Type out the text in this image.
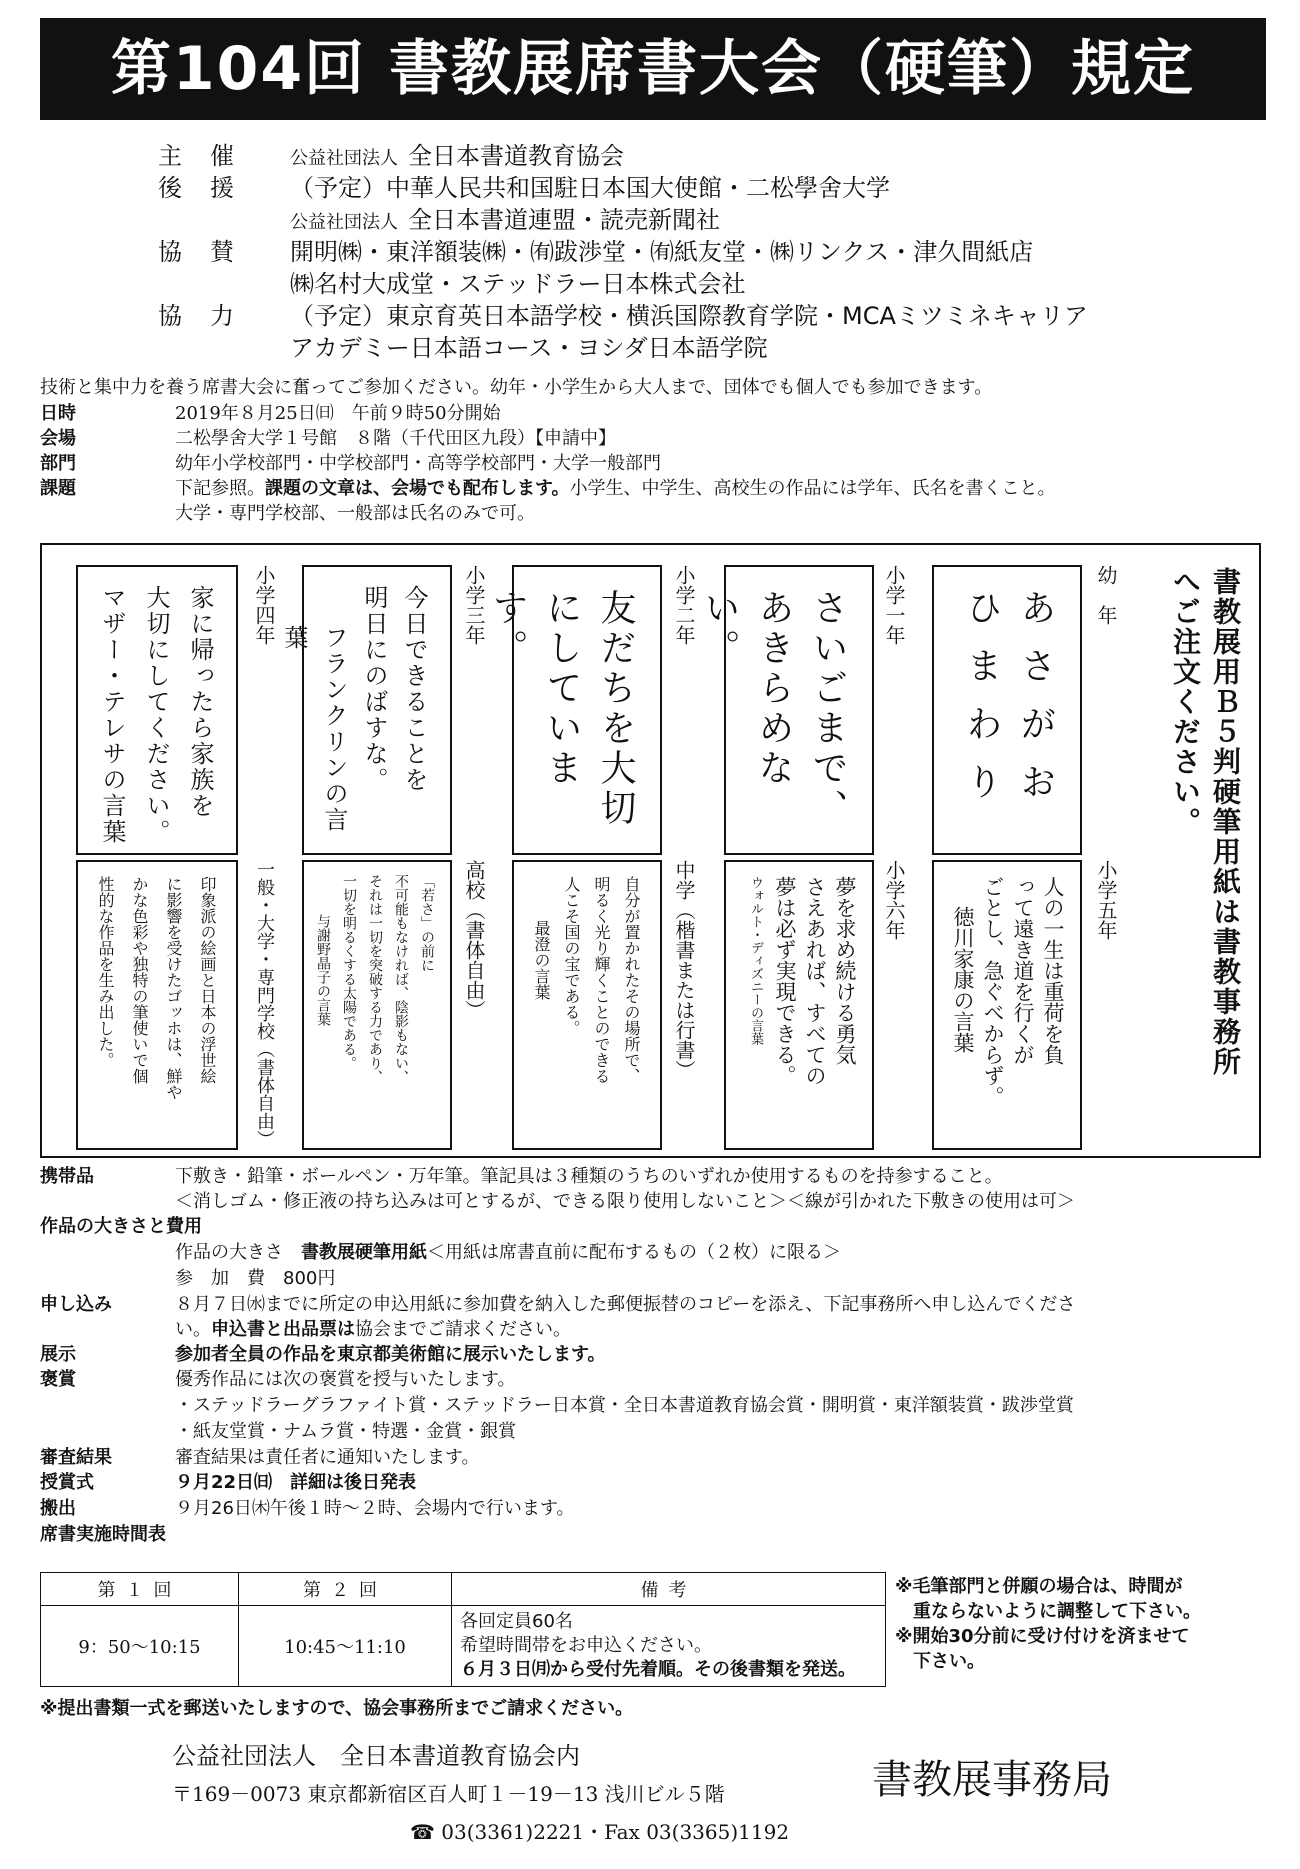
第104回 書教展席書大会（硬筆）規定
主催	公益社団法人 全日本書道教育協会
後援	（予定）中華人民共和国駐日本国大使館・二松學舍大学
公益社団法人 全日本書道連盟・読売新聞社
協賛	開明㈱・東洋額装㈱・㈲跋渉堂・㈲紙友堂・㈱リンクス・津久間紙店
㈱名村大成堂・ステッドラー日本株式会社
協力	（予定）東京育英日本語学校・横浜国際教育学院・MCAミツミネキャリア
アカデミー日本語コース・ヨシダ日本語学院
技術と集中力を養う席書大会に奮ってご参加ください。幼年・小学生から大人まで、団体でも個人でも参加できます。
日時	2019年８月25日㈰　午前９時50分開始
会場	二松學舍大学１号館　８階（千代田区九段）【申請中】
部門	幼年小学校部門・中学校部門・高等学校部門・大学一般部門
課題	下記参照。課題の文章は、会場でも配布します。小学生、中学生、高校生の作品には学年、氏名を書くこと。
大学・専門学校部、一般部は氏名のみで可。
書教展用Ｂ５判硬筆用紙は書教事務所
へご注文ください。
幼　年
あさがお
ひまわり
小学一年
さいごまで、
あきらめない。
小学二年
友だちを大切
にしています。
小学三年
今日できることを
明日にのばすな。
フランクリンの言葉
小学四年
家に帰ったら家族を
大切にしてください。
マザー・テレサの言葉
小学五年
人の一生は重荷を負
って遠き道を行くが
ごとし、急ぐべからず。
徳川家康の言葉
小学六年
夢を求め続ける勇気
さえあれば、すべての
夢は必ず実現できる。
ウォルト・ディズニーの言葉
中学（楷書または行書）
自分が置かれたその場所で、
明るく光り輝くことのできる
人こそ国の宝である。
最澄の言葉
高校（書体自由）
「若さ」の前に
不可能もなければ、陰影もない、
それは一切を突破する力であり、
一切を明るくする太陽である。
与謝野晶子の言葉
一般・大学・専門学校（書体自由）
印象派の絵画と日本の浮世絵
に影響を受けたゴッホは、鮮や
かな色彩や独特の筆使いで個
性的な作品を生み出した。
携帯品	下敷き・鉛筆・ボールペン・万年筆。筆記具は３種類のうちのいずれか使用するものを持参すること。
＜消しゴム・修正液の持ち込みは可とするが、できる限り使用しないこと＞＜線が引かれた下敷きの使用は可＞
作品の大きさと費用
作品の大きさ　書教展硬筆用紙＜用紙は席書直前に配布するもの（２枚）に限る＞
参　加　費　800円
申し込み	８月７日㈬までに所定の申込用紙に参加費を納入した郵便振替のコピーを添え、下記事務所へ申し込んでくださ
い。申込書と出品票は協会までご請求ください。
展示	参加者全員の作品を東京都美術館に展示いたします。
褒賞	優秀作品には次の褒賞を授与いたします。
・ステッドラーグラファイト賞・ステッドラー日本賞・全日本書道教育協会賞・開明賞・東洋額装賞・跋渉堂賞
・紙友堂賞・ナムラ賞・特選・金賞・銀賞
審査結果	審査結果は責任者に通知いたします。
授賞式	９月22日㈰　詳細は後日発表
搬出	９月26日㈭午後１時～２時、会場内で行います。
席書実施時間表
第１回	第２回	備考
9：50～10:15	10:45～11:10	各回定員60名
希望時間帯をお申込ください。
６月３日㈪から受付先着順。その後書類を発送。
※毛筆部門と併願の場合は、時間が
　重ならないように調整して下さい。
※開始30分前に受け付けを済ませて
　下さい。
※提出書類一式を郵送いたしますので、協会事務所までご請求ください。
公益社団法人　全日本書道教育協会内
〒169－0073 東京都新宿区百人町１－19－13 浅川ビル５階
☎ 03(3361)2221・Fax 03(3365)1192
書教展事務局
